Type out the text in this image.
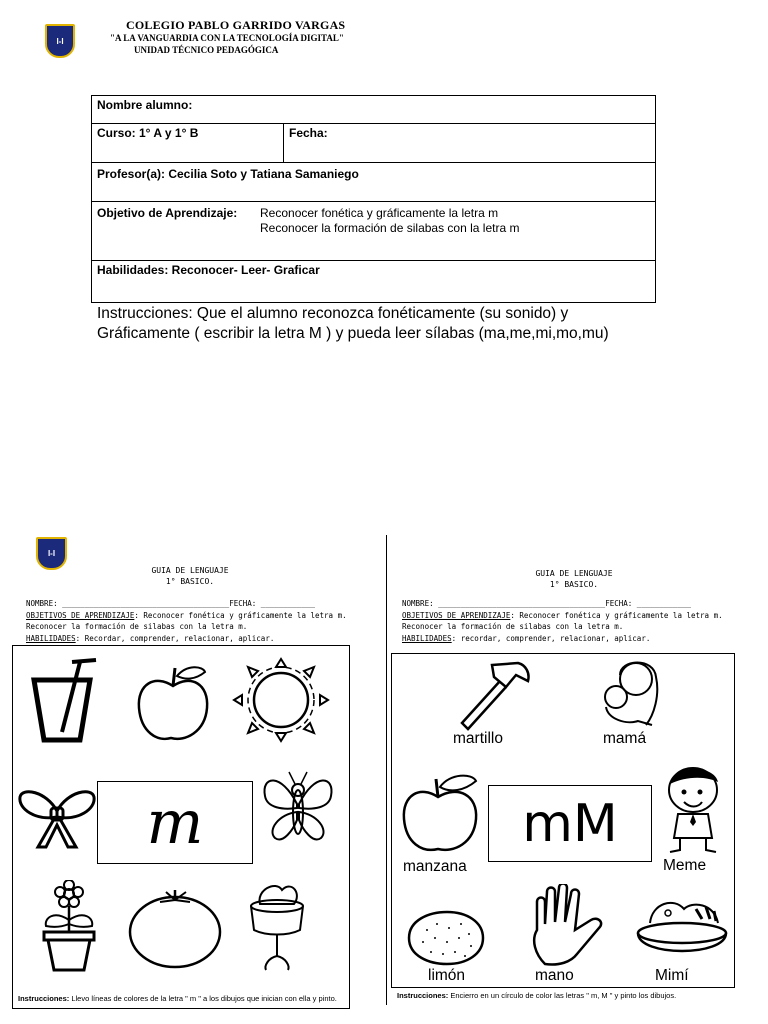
I-I
COLEGIO PABLO GARRIDO VARGAS
"A LA VANGUARDIA CON LA TECNOLOGÍA DIGITAL"
UNIDAD TÉCNICO PEDAGÓGICA
Nombre alumno:
Curso: 1° A y 1° B	Fecha:
Profesor(a): Cecilia Soto y Tatiana Samaniego

Objetivo de Aprendizaje:	Reconocer fonética y gráficamente la letra m
Reconocer la formación de silabas con la letra m

Habilidades: Reconocer- Leer- Graficar
Instrucciones: Que el alumno reconozca fonéticamente (su sonido) y Gráficamente ( escribir la letra M ) y pueda leer sílabas (ma,me,mi,mo,mu)
I-I
GUIA DE LENGUAJE
1° BASICO.
NOMBRE: _____________________________________FECHA: ____________
OBJETIVOS DE APRENDIZAJE: Reconocer fonética y gráficamente la letra m.
Reconocer la formación de silabas con la letra m.
HABILIDADES: Recordar, comprender, relacionar, aplicar.
m
Instrucciones: Llevo líneas de colores de la letra " m " a los dibujos que inician con ella y pinto.
GUIA DE LENGUAJE
1° BASICO.
NOMBRE: _____________________________________FECHA: ____________
OBJETIVOS DE APRENDIZAJE: Reconocer fonética y gráficamente la letra m.
Reconocer la formación de silabas con la letra m.
HABILIDADES: recordar, comprender, relacionar, aplicar.
martillo	mamá
manzana
mM
Meme
limón	mano	Mimí
Instrucciones: Encierro en un círculo de color las letras " m, M " y pinto los dibujos.
